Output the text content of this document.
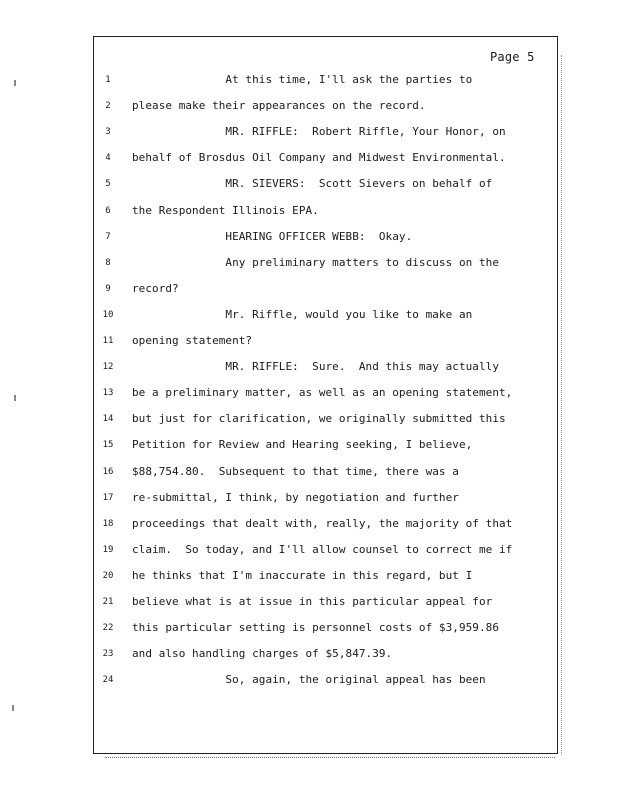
Page 5
1	At this time, I'll ask the parties to
2	please make their appearances on the record.
3	MR. RIFFLE:  Robert Riffle, Your Honor, on
4	behalf of Brosdus Oil Company and Midwest Environmental.
5	MR. SIEVERS:  Scott Sievers on behalf of
6	the Respondent Illinois EPA.
7	HEARING OFFICER WEBB:  Okay.
8	Any preliminary matters to discuss on the
9	record?
10	Mr. Riffle, would you like to make an
11	opening statement?
12	MR. RIFFLE:  Sure.  And this may actually
13	be a preliminary matter, as well as an opening statement,
14	but just for clarification, we originally submitted this
15	Petition for Review and Hearing seeking, I believe,
16	$88,754.80.  Subsequent to that time, there was a
17	re-submittal, I think, by negotiation and further
18	proceedings that dealt with, really, the majority of that
19	claim.  So today, and I'll allow counsel to correct me if
20	he thinks that I'm inaccurate in this regard, but I
21	believe what is at issue in this particular appeal for
22	this particular setting is personnel costs of $3,959.86
23	and also handling charges of $5,847.39.
24	So, again, the original appeal has been
